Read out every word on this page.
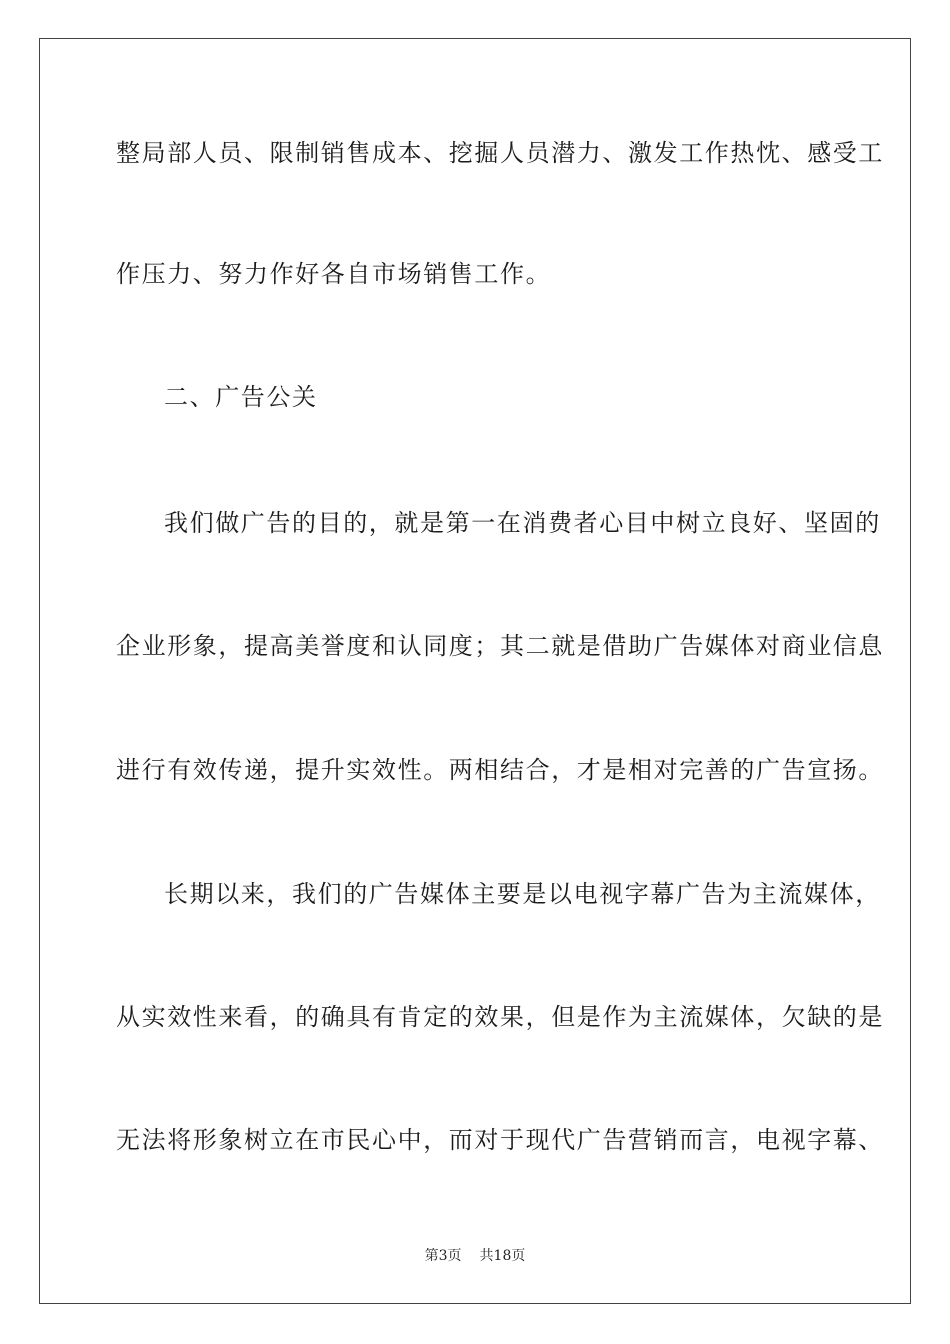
整局部人员、限制销售成本、挖掘人员潜力、激发工作热忱、感受工
作压力、努力作好各自市场销售工作。
二、广告公关
我们做广告的目的，就是第一在消费者心目中树立良好、坚固的
企业形象，提高美誉度和认同度；其二就是借助广告媒体对商业信息
进行有效传递，提升实效性。两相结合，才是相对完善的广告宣扬。
长期以来，我们的广告媒体主要是以电视字幕广告为主流媒体，
从实效性来看，的确具有肯定的效果，但是作为主流媒体，欠缺的是
无法将形象树立在市民心中，而对于现代广告营销而言，电视字幕、
第3页 共18页
